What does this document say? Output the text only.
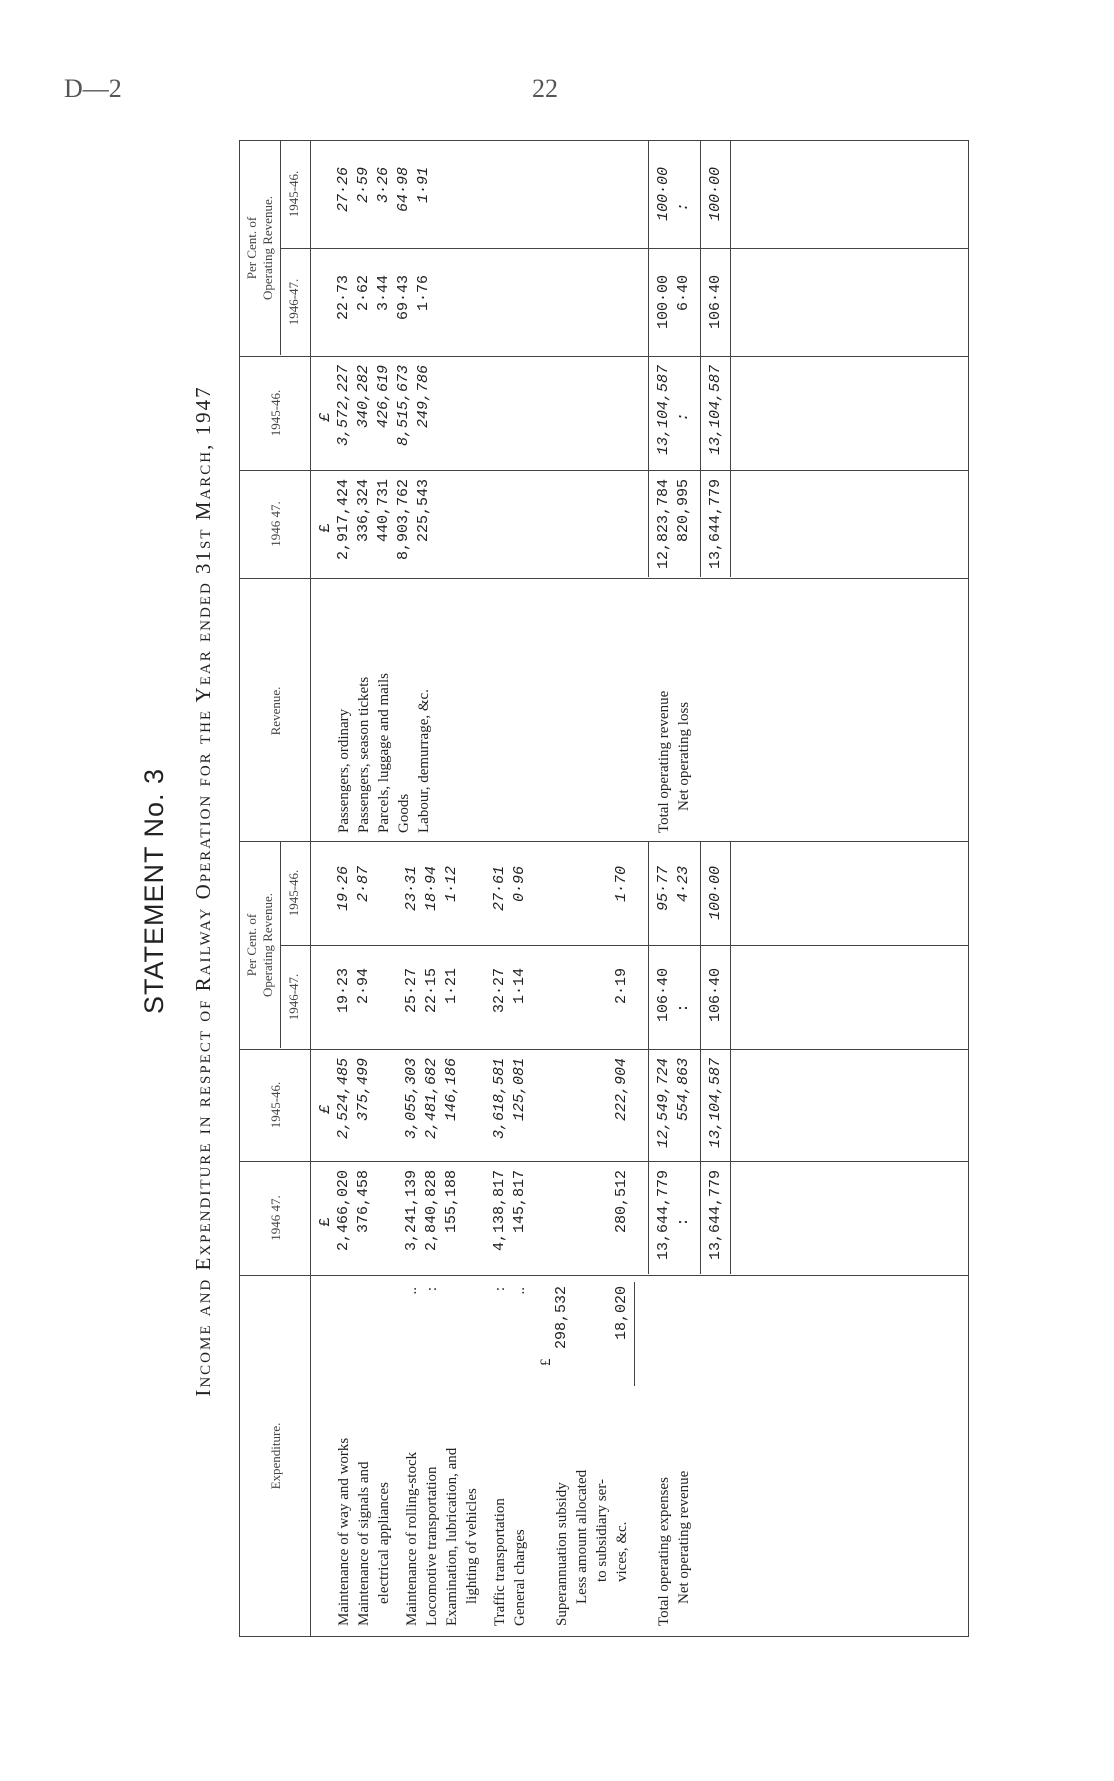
D—2	22
STATEMENT No. 3 Income and Expenditure in respect of Railway Operation for the Year ended 31st March, 1947
Expenditure.
1946 47.
1945-46.
Per Cent. of Operating Revenue.
1946-47.
1945-46.
£
£
Maintenance of way and works
2,466,020
2,524,485
19·23
19·26
Maintenance of signals and electrical appliances
376,458
375,499
2·94
2·87
Maintenance of rolling-stock
..
3,241,139
3,055,303
25·27
23·31
Locomotive transportation
:
2,840,828
2,481,682
22·15
18·94
Examination, lubrication, and lighting of vehicles
155,188
146,186
1·21
1·12
Traffic transportation
:
4,138,817
3,618,581
32·27
27·61
General charges
..
145,817
125,081
1·14
0·96
£
Superannuation subsidy
298,532
Less amount allocated to subsidiary ser- vices, &c.
18,020
280,512
222,904
2·19
1·70
Total operating expenses
13,644,779
12,549,724
106·40
95·77
Net operating revenue
:
554,863
:
4·23
13,644,779
13,104,587
106·40
100·00
Revenue.
1946 47.
1945-46.
Per Cent. of Operating Revenue.
1946-47.
1945-46.
£
£
Passengers, ordinary
2,917,424
3,572,227
22·73
27·26
Passengers, season tickets
336,324
340,282
2·62
2·59
Parcels, luggage and mails
440,731
426,619
3·44
3·26
Goods
8,903,762
8,515,673
69·43
64·98
Labour, demurrage, &c.
225,543
249,786
1·76
1·91
Total operating revenue
12,823,784
13,104,587
100·00
100·00
Net operating loss
820,995
:
6·40
:
13,644,779
13,104,587
106·40
100·00
